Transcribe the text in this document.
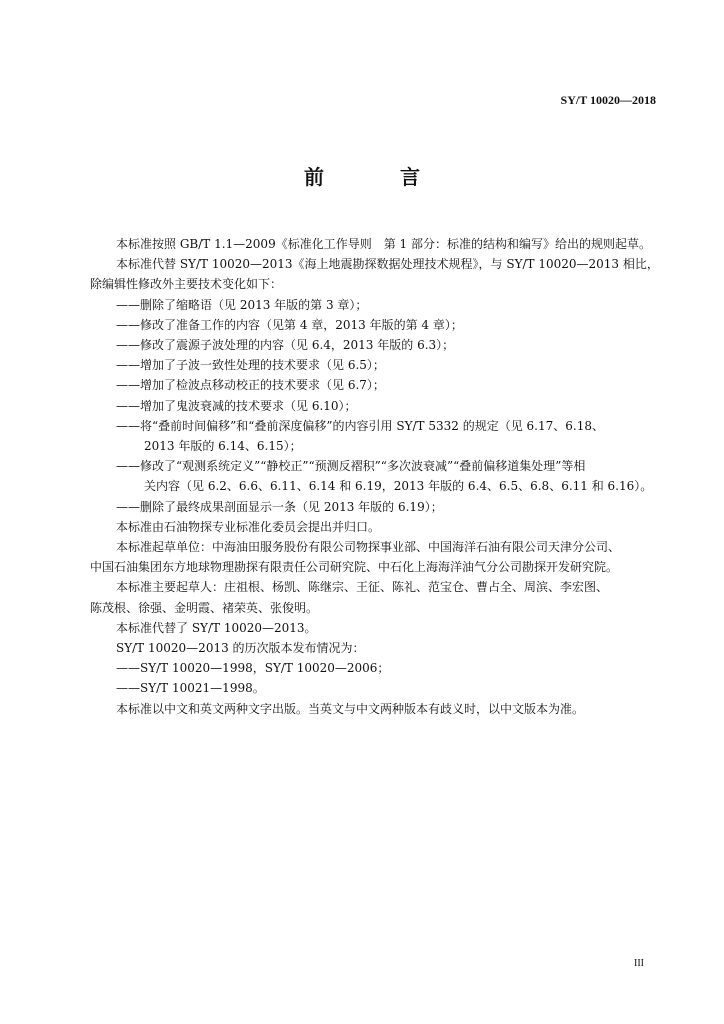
SY/T 10020—2018
前　言

本标准按照 GB/T 1.1—2009《标准化工作导则　第 1 部分：标准的结构和编写》给出的规则起草。

本标准代替 SY/T 10020—2013《海上地震勘探数据处理技术规程》，与 SY/T 10020—2013 相比，

除编辑性修改外主要技术变化如下：

——删除了缩略语（见 2013 年版的第 3 章）；

——修改了准备工作的内容（见第 4 章，2013 年版的第 4 章）；

——修改了震源子波处理的内容（见 6.4，2013 年版的 6.3）；

——增加了子波一致性处理的技术要求（见 6.5）；

——增加了检波点移动校正的技术要求（见 6.7）；

——增加了鬼波衰减的技术要求（见 6.10）；

——将“叠前时间偏移”和“叠前深度偏移”的内容引用 SY/T 5332 的规定（见 6.17、6.18、

2013 年版的 6.14、6.15）；

——修改了“观测系统定义”“静校正”“预测反褶积”“多次波衰减”“叠前偏移道集处理”等相

关内容（见 6.2、6.6、6.11、6.14 和 6.19，2013 年版的 6.4、6.5、6.8、6.11 和 6.16）。

——删除了最终成果剖面显示一条（见 2013 年版的 6.19）；

本标准由石油物探专业标准化委员会提出并归口。

本标准起草单位：中海油田服务股份有限公司物探事业部、中国海洋石油有限公司天津分公司、

中国石油集团东方地球物理勘探有限责任公司研究院、中石化上海海洋油气分公司勘探开发研究院。

本标准主要起草人：庄祖根、杨凯、陈继宗、王征、陈礼、范宝仓、曹占全、周滨、李宏图、

陈茂根、徐强、金明霞、褚荣英、张俊明。

本标准代替了 SY/T 10020—2013。

SY/T 10020—2013 的历次版本发布情况为：

——SY/T 10020—1998，SY/T 10020—2006；

——SY/T 10021—1998。

本标准以中文和英文两种文字出版。当英文与中文两种版本有歧义时，以中文版本为准。

III
